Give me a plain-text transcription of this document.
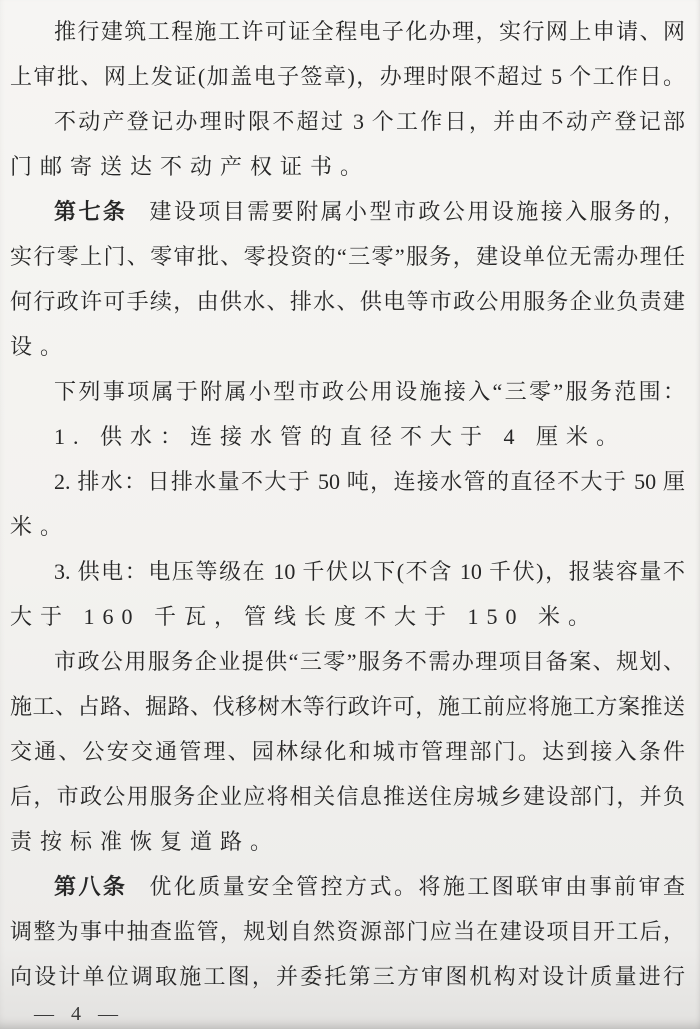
推行建筑工程施工许可证全程电子化办理，实行网上申请、网
上审批、网上发证(加盖电子签章)，办理时限不超过 5 个工作日。
不动产登记办理时限不超过 3 个工作日，并由不动产登记部
门邮寄送达不动产权证书。
第七条 建设项目需要附属小型市政公用设施接入服务的，
实行零上门、零审批、零投资的“三零”服务，建设单位无需办理任
何行政许可手续，由供水、排水、供电等市政公用服务企业负责建
设。
下列事项属于附属小型市政公用设施接入“三零”服务范围：
1. 供水：连接水管的直径不大于 4 厘米。
2. 排水：日排水量不大于 50 吨，连接水管的直径不大于 50 厘
米。
3. 供电：电压等级在 10 千伏以下(不含 10 千伏)，报装容量不
大于 160 千瓦，管线长度不大于 150 米。
市政公用服务企业提供“三零”服务不需办理项目备案、规划、
施工、占路、掘路、伐移树木等行政许可，施工前应将施工方案推送
交通、公安交通管理、园林绿化和城市管理部门。达到接入条件
后，市政公用服务企业应将相关信息推送住房城乡建设部门，并负
责按标准恢复道路。
第八条 优化质量安全管控方式。将施工图联审由事前审查
调整为事中抽查监管，规划自然资源部门应当在建设项目开工后，
向设计单位调取施工图，并委托第三方审图机构对设计质量进行
— 4 —
